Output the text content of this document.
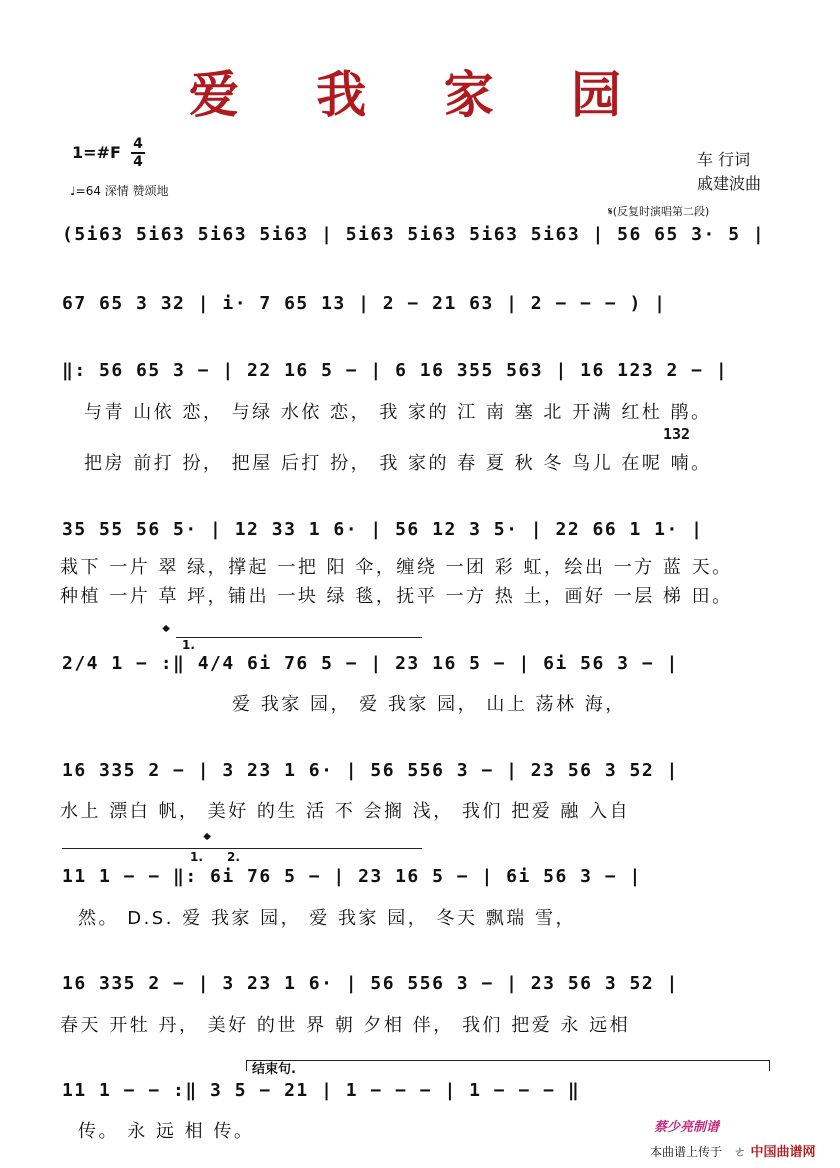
爱 我 家 园
1=#F $\frac{4}{4}$
♩=64 深情 赞颂地
车 行词
戚建波曲
𝄋(反复时演唱第二段)
(5i63 5i63 5i63 5i63 | 5i63 5i63 5i63 5i63 | 56 65 3· 5 |
67 65 3 32 | i· 7 65 13 | 2 − 21 63 | 2 − − − ) |
‖: 56 65 3 − | 22 16 5 − | 6 16 355 563 | 16 123 2 − |
与青 山依 恋， 与绿 水依 恋， 我 家的 江 南 塞 北 开满 红杜 鹃。
132
把房 前打 扮， 把屋 后打 扮， 我 家的 春 夏 秋 冬 鸟儿 在呢 喃。
35 55 56 5· | 12 33 1 6· | 56 12 3 5· | 22 66 1 1· |
栽下 一片 翠 绿，撑起 一把 阳 伞，缠绕 一团 彩 虹，绘出 一方 蓝 天。
种植 一片 草 坪，铺出 一块 绿 毯，抚平 一方 热 土，画好 一层 梯 田。
𝄌
1.
2/4 1 − :‖ 4/4 6i 76 5 − | 23 16 5 − | 6i 56 3 − |
爱 我家 园， 爱 我家 园， 山上 荡林 海，
16 335 2 − | 3 23 1 6· | 56 556 3 − | 23 56 3 52 |
水上 漂白 帆， 美好 的生 活 不 会搁 浅， 我们 把爱 融 入自
𝄌
1. 2.
11 1 − − ‖: 6i 76 5 − | 23 16 5 − | 6i 56 3 − |
然。 D.S. 爱 我家 园， 爱 我家 园， 冬天 飘瑞 雪，
16 335 2 − | 3 23 1 6· | 56 556 3 − | 23 56 3 52 |
春天 开牡 丹， 美好 的世 界 朝 夕相 伴， 我们 把爱 永 远相
结束句.
11 1 − − :‖ 3 5 − 21 | 1 − − − | 1 − − − ‖
传。 永 远 相 传。	蔡少亮制谱
本曲谱上传于 ㄜ 中国曲谱网
